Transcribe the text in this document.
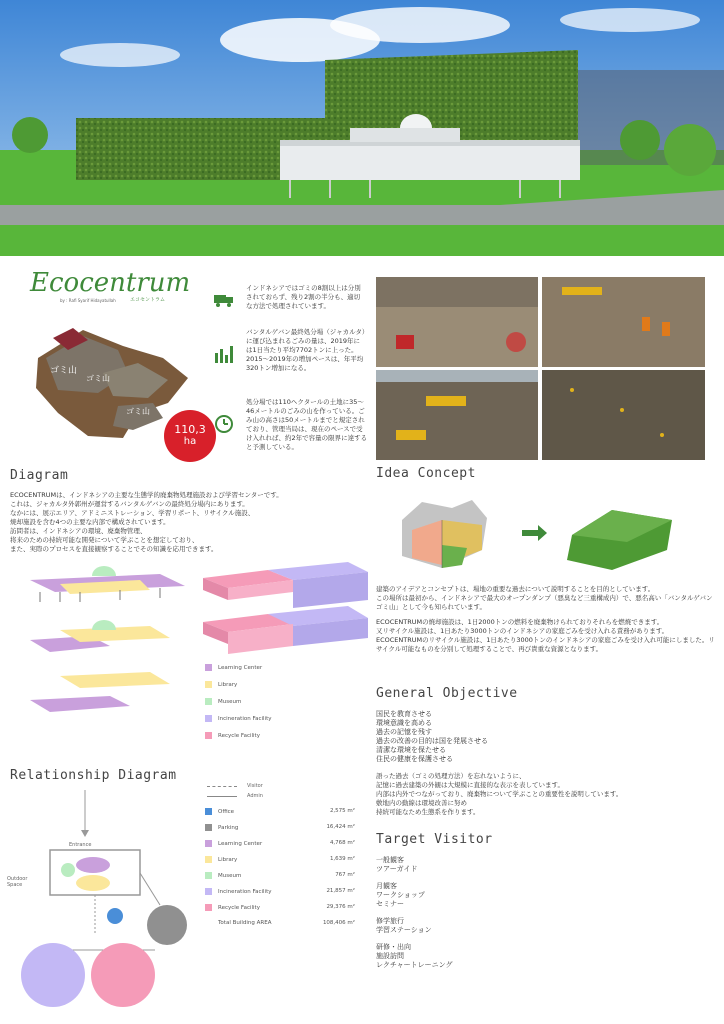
Ecocentrum
エコセントラム
by : Rafi Syarif Hidayatullah
ゴミ山
ゴミ山
ゴミ山
110,3
ha
インドネシアではゴミの8割以上は分別されておらず、残り2割の半分も、適切な方法で処理されています。
バンタルゲバン最終処分場（ジャカルタ）に運び込まれるごみの量は、2019年には1日当たり平均7702トンに上った。2015～2019年の増加ペースは、年平均320トン増加になる。
処分場では110ヘクタールの土地に35～46メートルのごみの山を作っている。ごみ山の高さは50メートルまでと規定されており、管理当局は、現在のペースで受け入れれば、約2年で容量の限界に達すると予測している。
Diagram
ECOCENTRUMは、インドネシアの主要な生態学的廃棄物処理施設および学習センターです。
これは、ジャカルタ外郭州が運営するバンタルゲバンの最終処分場内にあります。
なかには、展示エリア、アドミニストレーション、学習リポート、リサイクル施設、
焼却施設を含む4つの主要な内部で構成されています。
訪問者は、インドネシアの環境、廃棄物管理、
将来のための持続可能な開発について学ぶことを想定しており、
また、実際のプロセスを直接観察することでその知識を応用できます。
Learning Center
Library
Museum
Incineration Facility
Recycle Facility
Relationship Diagram
Entrance
Outdoor Space
Visitor
Admin
Office	2,575 m²
Parking	16,424 m²
Learning Center	4,768 m²
Library	1,639 m²
Museum	767 m²
Incineration Facility	21,857 m²
Recycle Facility	29,376 m²
Total Building AREA	108,406 m²
Idea Concept
建築のアイデアとコンセプトは、場地の重要な過去について説明することを目的としています。
この場所は最初から、インドネシアで最大のオープンダンプ（悪臭など三重構成内）で、悪名高い「バンタルゲバンゴミ山」として今も知られています。
ECOCENTRUMの焼却施設は、1日2000トンの燃料を廃棄物けられておりそれらを燃焼できます。
又リサイクル施設は、1日あたり3000トンのインドネシアの家庭ごみを受け入れる責務があります。
ECOCENTRUMのリサイクル施設は、1日あたり3000トンのインドネシアの家庭ごみを受け入れ可能にしました。リサイクル可能なものを分別して処理することで、再び貴重な資源となります。
General Objective
国民を教育させる
環境意識を高める
過去の記憶を残す
過去の改善の目的は国を発展させる
清潔な環境を保たせる
住民の健康を保護させる
語った過去（ゴミの処理方法）を忘れないように、
記憶に過去建築の外観は大規模に直接的な表示を表しています。
内部は内外でつながっており、廃棄物について学ぶことの重要性を説明しています。
敷地内の動線は環境改善に努め
持続可能なため生態系を作ります。
Target Visitor
一般観客
ツアーガイド
月観客
ワークショップ
セミナー
修学旅行
学習ステーション
研修・出向
施設訪問
レクチャートレーニング
